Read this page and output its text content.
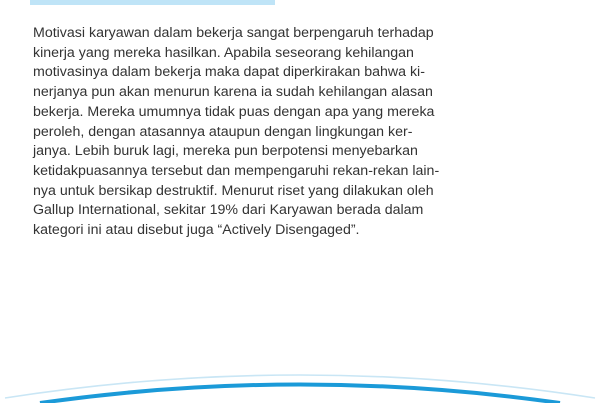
Motivasi karyawan dalam bekerja sangat berpengaruh terhadap
kinerja yang mereka hasilkan. Apabila seseorang kehilangan
motivasinya dalam bekerja maka dapat diperkirakan bahwa ki-
nerjanya pun akan menurun karena ia sudah kehilangan alasan
bekerja. Mereka umumnya tidak puas dengan apa yang mereka
peroleh, dengan atasannya ataupun dengan lingkungan ker-
janya. Lebih buruk lagi, mereka pun berpotensi menyebarkan
ketidakpuasannya tersebut dan mempengaruhi rekan-rekan lain-
nya untuk bersikap destruktif. Menurut riset yang dilakukan oleh
Gallup International, sekitar 19% dari Karyawan berada dalam
kategori ini atau disebut juga “Actively Disengaged”.
